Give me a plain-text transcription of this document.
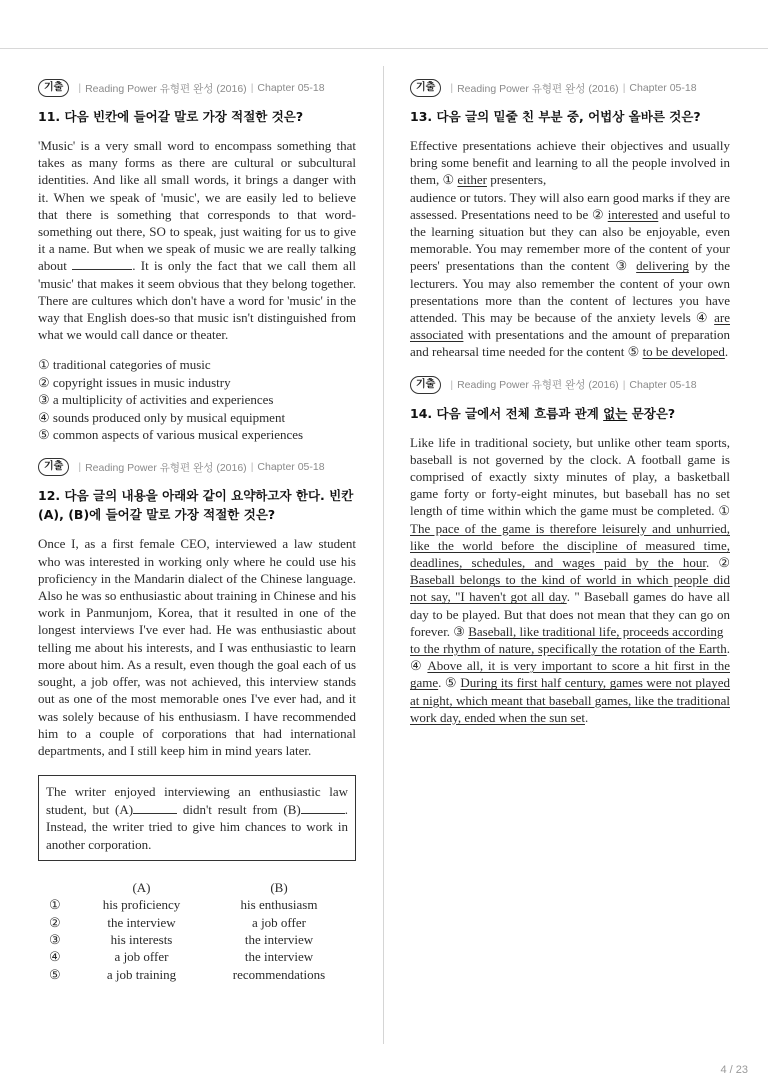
기출	| Reading Power 유형편 완성 (2016) | Chapter 05-18
11. 다음 빈칸에 들어갈 말로 가장 적절한 것은?
'Music' is a very small word to encompass something that takes as many forms as there are cultural or subcultural identities. And like all small words, it brings a danger with it. When we speak of 'music', we are easily led to believe that there is something that corresponds to that word-something out there, SO to speak, just waiting for us to give it a name. But when we speak of music we are really talking about	. It is only the fact that we call them all 'music' that makes it seem obvious that they belong together. There are cultures which don't have a word for 'music' in the way that English does-so that music isn't distinguished from what we would call dance or theater.
① traditional categories of music
② copyright issues in music industry
③ a multiplicity of activities and experiences
④ sounds produced only by musical equipment
⑤ common aspects of various musical experiences
기출	| Reading Power 유형편 완성 (2016) | Chapter 05-18
12. 다음 글의 내용을 아래와 같이 요약하고자 한다. 빈칸 (A), (B)에 들어갈 말로 가장 적절한 것은?
Once I, as a first female CEO, interviewed a law student who was interested in working only where he could use his proficiency in the Mandarin dialect of the Chinese language. Also he was so enthusiastic about training in Chinese and his work in Panmunjom, Korea, that it resulted in one of the longest interviews I've ever had. He was enthusiastic about telling me about his interests, and I was enthusiastic to learn more about him. As a result, even though the goal each of us sought, a job offer, was not achieved, this interview stands out as one of the most memorable ones I've ever had, and it was solely because of his enthusiasm. I have recommended him to a couple of corporations that had international departments, and I still keep him in mind years later.
The writer enjoyed interviewing an enthusiastic law student, but (A)	didn't result from (B)	. Instead, the writer tried to give him chances to work in another corporation.
(A)	(B)
①	his proficiency	his enthusiasm
②	the interview	a job offer
③	his interests	the interview
④	a job offer	the interview
⑤	a job training	recommendations
기출	| Reading Power 유형편 완성 (2016) | Chapter 05-18
13. 다음 글의 밑줄 친 부분 중, 어법상 올바른 것은?
Effective presentations achieve their objectives and usually bring some benefit and learning to all the people involved in them, ① either presenters,
audience or tutors. They will also earn good marks if they are assessed. Presentations need to be ② interested and useful to the learning situation but they can also be enjoyable, even memorable. You may remember more of the content of your peers' presentations than the content ③ delivering by the lecturers. You may also remember the content of your own presentations more than the content of lectures you have attended. This may be because of the anxiety levels ④ are associated with presentations and the amount of preparation and rehearsal time needed for the content ⑤ to be developed.
기출	| Reading Power 유형편 완성 (2016) | Chapter 05-18
14. 다음 글에서 전체 흐름과 관계 없는 문장은?
Like life in traditional society, but unlike other team sports, baseball is not governed by the clock. A football game is comprised of exactly sixty minutes of play, a basketball game forty or forty-eight minutes, but baseball has no set length of time within which the game must be completed. ① The pace of the game is therefore leisurely and unhurried, like the world before the discipline of measured time, deadlines, schedules, and wages paid by the hour. ② Baseball belongs to the kind of world in which people did not say, "I haven't got all day. " Baseball games do have all day to be played. But that does not mean that they can go on forever. ③ Baseball, like traditional life, proceeds according
to the rhythm of nature, specifically the rotation of the Earth. ④ Above all, it is very important to score a hit first in the game. ⑤ During its first half century, games were not played at night, which meant that baseball games, like the traditional work day, ended when the sun set.
4 / 23
